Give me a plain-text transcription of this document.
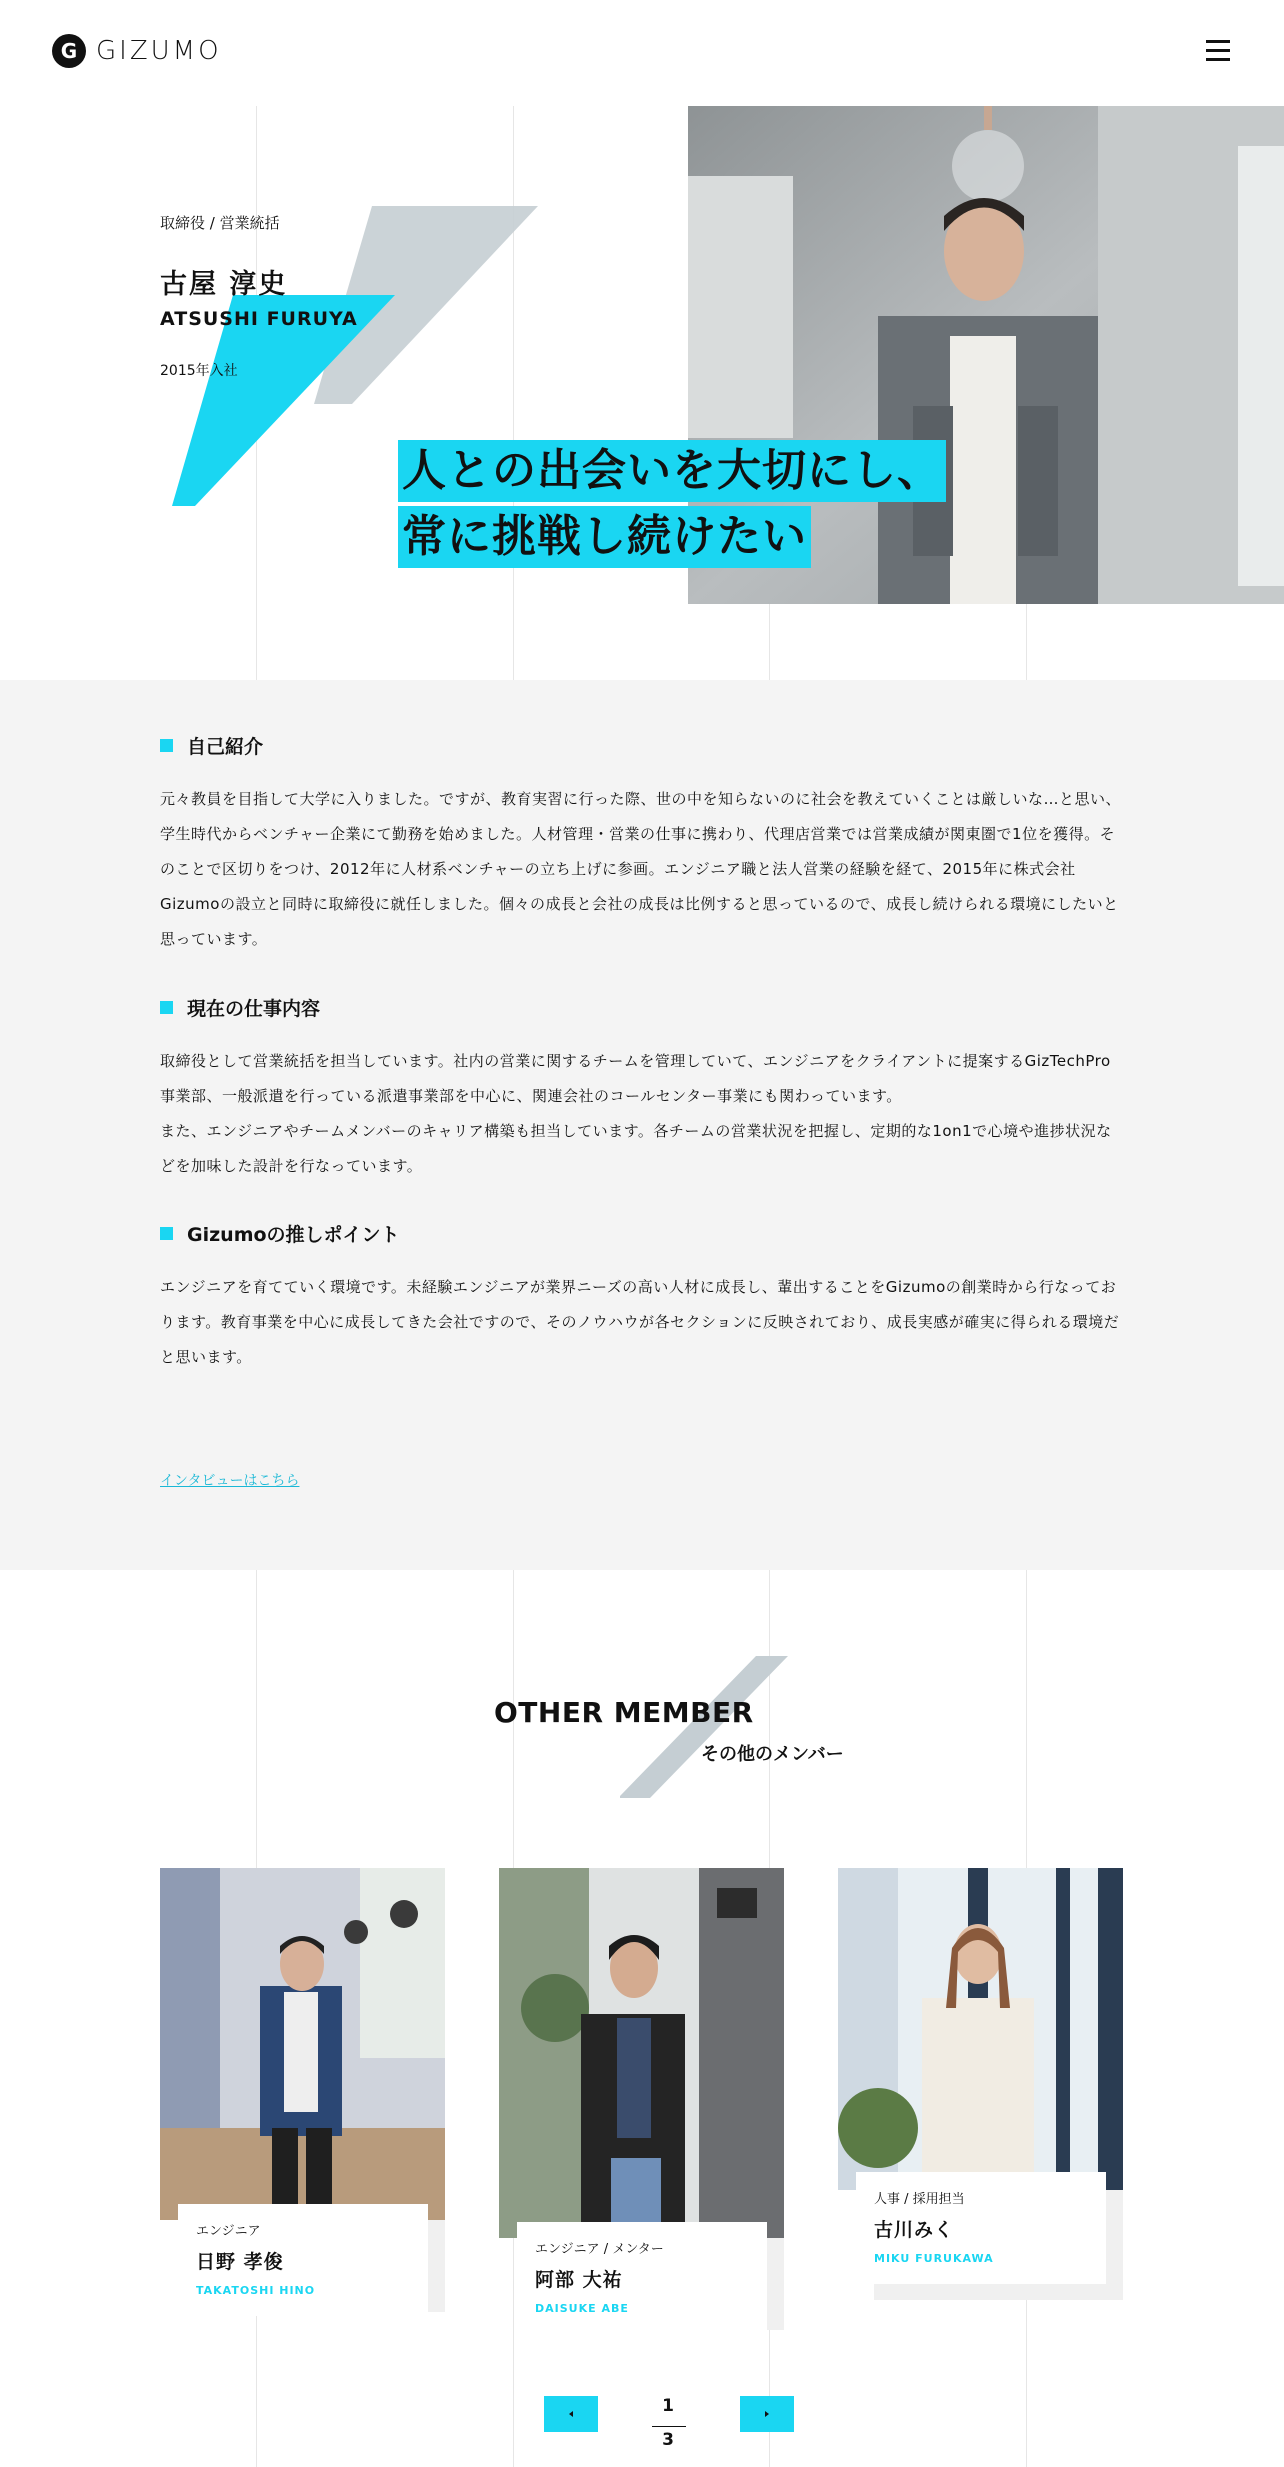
G GIZUMO
取締役 / 営業統括
古屋 淳史
ATSUSHI FURUYA
2015年入社
人との出会いを大切にし、
常に挑戦し続けたい
自己紹介

元々教員を目指して大学に入りました。ですが、教育実習に行った際、世の中を知らないのに社会を教えていくことは厳しいな…と思い、学生時代からベンチャー企業にて勤務を始めました。人材管理・営業の仕事に携わり、代理店営業では営業成績が関東圏で1位を獲得。そのことで区切りをつけ、2012年に人材系ベンチャーの立ち上げに参画。エンジニア職と法人営業の経験を経て、2015年に株式会社Gizumoの設立と同時に取締役に就任しました。個々の成長と会社の成長は比例すると思っているので、成長し続けられる環境にしたいと思っています。

現在の仕事内容

取締役として営業統括を担当しています。社内の営業に関するチームを管理していて、エンジニアをクライアントに提案するGizTechPro事業部、一般派遣を行っている派遣事業部を中心に、関連会社のコールセンター事業にも関わっています。

また、エンジニアやチームメンバーのキャリア構築も担当しています。各チームの営業状況を把握し、定期的な1on1で心境や進捗状況などを加味した設計を行なっています。

Gizumoの推しポイント

エンジニアを育てていく環境です。未経験エンジニアが業界ニーズの高い人材に成長し、輩出することをGizumoの創業時から行なっております。教育事業を中心に成長してきた会社ですので、そのノウハウが各セクションに反映されており、成長実感が確実に得られる環境だと思います。

インタビューはこちら
OTHER MEMBER
その他のメンバー
エンジニア
日野 孝俊
TAKATOSHI HINO
エンジニア / メンター
阿部 大祐
DAISUKE ABE
人事 / 採用担当
古川みく
MIKU FURUKAWA
1
3
